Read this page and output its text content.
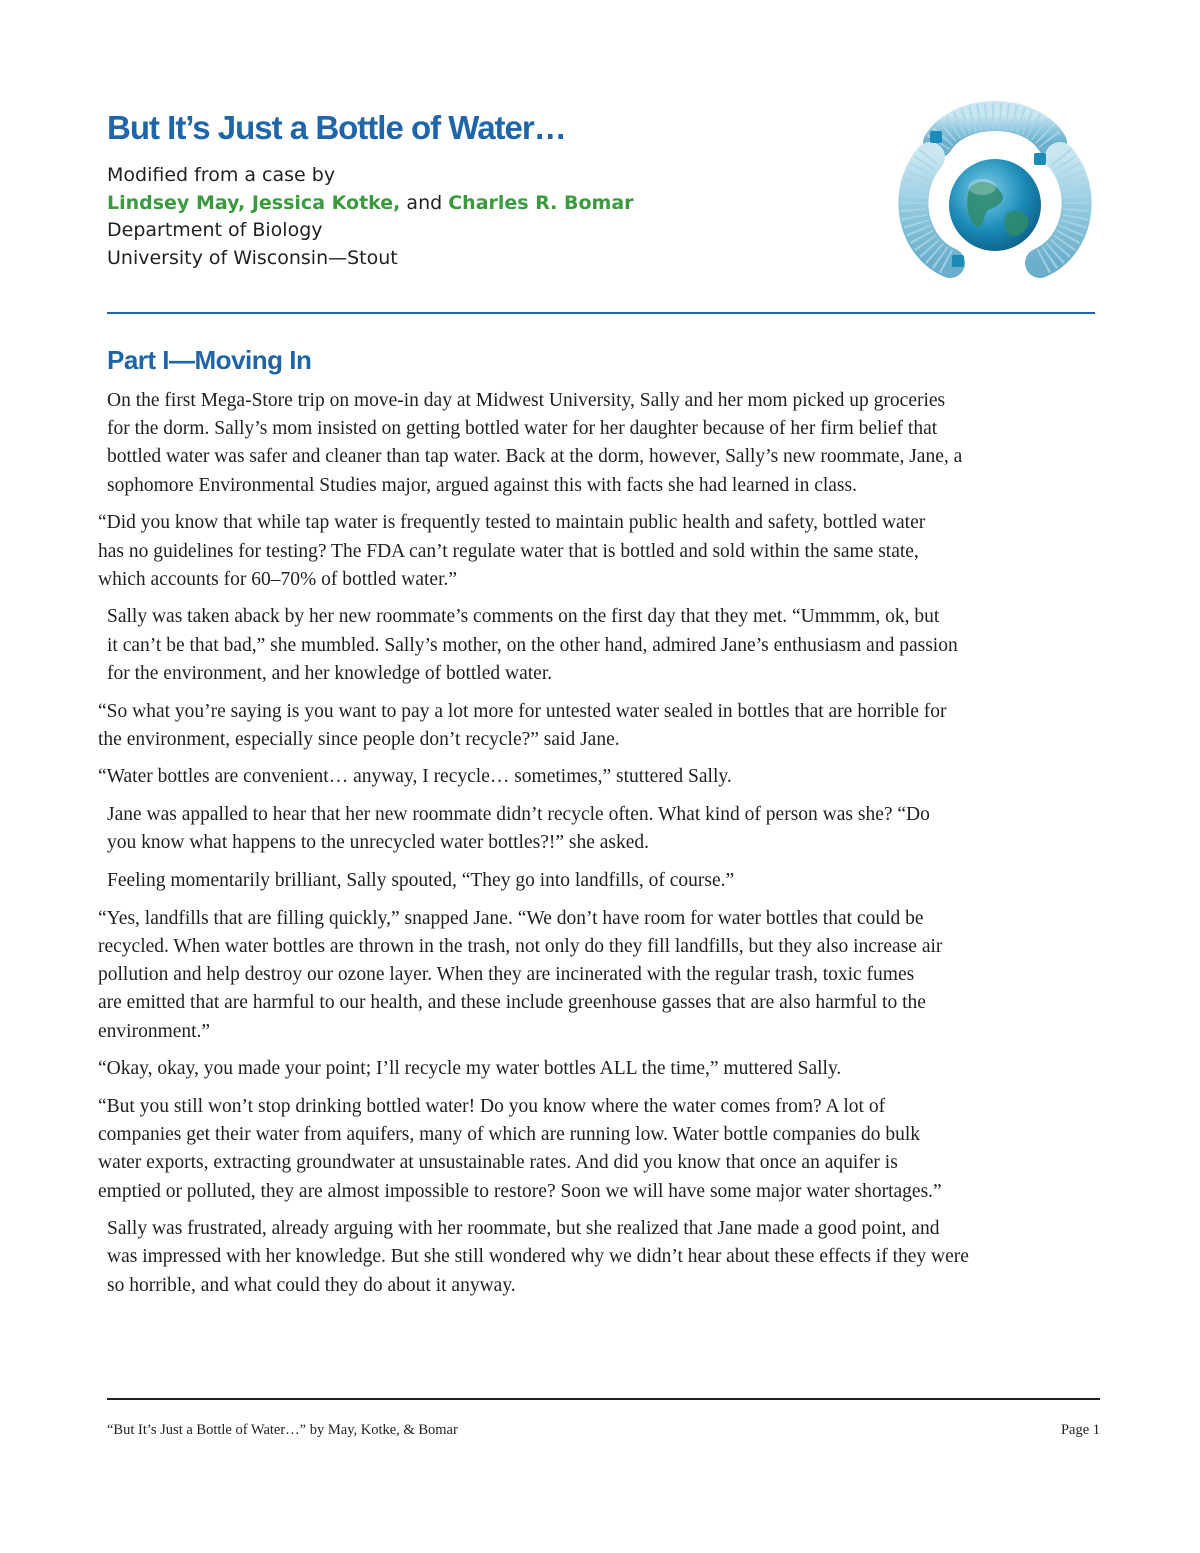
But It’s Just a Bottle of Water…
Modified from a case by
Lindsey May, Jessica Kotke, and Charles R. Bomar
Department of Biology
University of Wisconsin—Stout
Part I—Moving In

On the first Mega-Store trip on move-in day at Midwest University, Sally and her mom picked up groceries
for the dorm. Sally’s mom insisted on getting bottled water for her daughter because of her firm belief that
bottled water was safer and cleaner than tap water. Back at the dorm, however, Sally’s new roommate, Jane, a
sophomore Environmental Studies major, argued against this with facts she had learned in class.

“Did you know that while tap water is frequently tested to maintain public health and safety, bottled water
has no guidelines for testing? The FDA can’t regulate water that is bottled and sold within the same state,
which accounts for 60–70% of bottled water.”

Sally was taken aback by her new roommate’s comments on the first day that they met. “Ummmm, ok, but
it can’t be that bad,” she mumbled. Sally’s mother, on the other hand, admired Jane’s enthusiasm and passion
for the environment, and her knowledge of bottled water.

“So what you’re saying is you want to pay a lot more for untested water sealed in bottles that are horrible for
the environment, especially since people don’t recycle?” said Jane.

“Water bottles are convenient… anyway, I recycle… sometimes,” stuttered Sally.

Jane was appalled to hear that her new roommate didn’t recycle often. What kind of person was she? “Do
you know what happens to the unrecycled water bottles?!” she asked.

Feeling momentarily brilliant, Sally spouted, “They go into landfills, of course.”

“Yes, landfills that are filling quickly,” snapped Jane. “We don’t have room for water bottles that could be
recycled. When water bottles are thrown in the trash, not only do they fill landfills, but they also increase air
pollution and help destroy our ozone layer. When they are incinerated with the regular trash, toxic fumes
are emitted that are harmful to our health, and these include greenhouse gasses that are also harmful to the
environment.”

“Okay, okay, you made your point; I’ll recycle my water bottles ALL the time,” muttered Sally.

“But you still won’t stop drinking bottled water! Do you know where the water comes from? A lot of
companies get their water from aquifers, many of which are running low. Water bottle companies do bulk
water exports, extracting groundwater at unsustainable rates. And did you know that once an aquifer is
emptied or polluted, they are almost impossible to restore? Soon we will have some major water shortages.”

Sally was frustrated, already arguing with her roommate, but she realized that Jane made a good point, and
was impressed with her knowledge. But she still wondered why we didn’t hear about these effects if they were
so horrible, and what could they do about it anyway.

“But It’s Just a Bottle of Water…” by May, Kotke, & Bomar	Page 1
